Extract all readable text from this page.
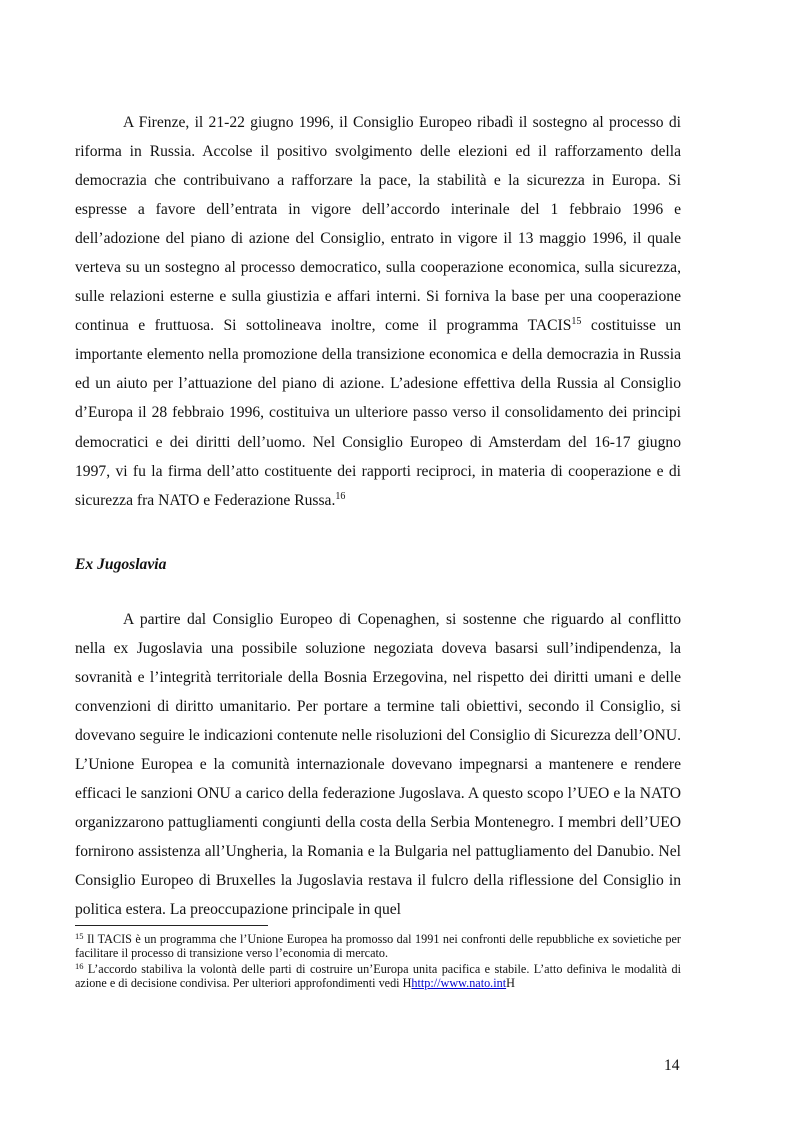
A Firenze, il 21-22 giugno 1996, il Consiglio Europeo ribadì il sostegno al processo di riforma in Russia. Accolse il positivo svolgimento delle elezioni ed il rafforzamento della democrazia che contribuivano a rafforzare la pace, la stabilità e la sicurezza in Europa. Si espresse a favore dell’entrata in vigore dell’accordo interinale del 1 febbraio 1996 e dell’adozione del piano di azione del Consiglio, entrato in vigore il 13 maggio 1996, il quale verteva su un sostegno al processo democratico, sulla cooperazione economica, sulla sicurezza, sulle relazioni esterne e sulla giustizia e affari interni. Si forniva la base per una cooperazione continua e fruttuosa. Si sottolineava inoltre, come il programma TACIS$^{15}$ costituisse un importante elemento nella promozione della transizione economica e della democrazia in Russia ed un aiuto per l’attuazione del piano di azione. L’adesione effettiva della Russia al Consiglio d’Europa il 28 febbraio 1996, costituiva un ulteriore passo verso il consolidamento dei principi democratici e dei diritti dell’uomo. Nel Consiglio Europeo di Amsterdam del 16-17 giugno 1997, vi fu la firma dell’atto costituente dei rapporti reciproci, in materia di cooperazione e di sicurezza fra NATO e Federazione Russa.$^{16}$

Ex Jugoslavia

A partire dal Consiglio Europeo di Copenaghen, si sostenne che riguardo al conflitto nella ex Jugoslavia una possibile soluzione negoziata doveva basarsi sull’indipendenza, la sovranità e l’integrità territoriale della Bosnia Erzegovina, nel rispetto dei diritti umani e delle convenzioni di diritto umanitario. Per portare a termine tali obiettivi, secondo il Consiglio, si dovevano seguire le indicazioni contenute nelle risoluzioni del Consiglio di Sicurezza dell’ONU. L’Unione Europea e la comunità internazionale dovevano impegnarsi a mantenere e rendere efficaci le sanzioni ONU a carico della federazione Jugoslava. A questo scopo l’UEO e la NATO organizzarono pattugliamenti congiunti della costa della Serbia Montenegro. I membri dell’UEO fornirono assistenza all’Ungheria, la Romania e la Bulgaria nel pattugliamento del Danubio. Nel Consiglio Europeo di Bruxelles la Jugoslavia restava il fulcro della riflessione del Consiglio in politica estera. La preoccupazione principale in quel

$^{15}$ Il TACIS è un programma che l’Unione Europea ha promosso dal 1991 nei confronti delle repubbliche ex sovietiche per facilitare il processo di transizione verso l’economia di mercato.

$^{16}$ L’accordo stabiliva la volontà delle parti di costruire un’Europa unita pacifica e stabile. L’atto definiva le modalità di azione e di decisione condivisa. Per ulteriori approfondimenti vedi Hhttp://www.nato.intH

14
